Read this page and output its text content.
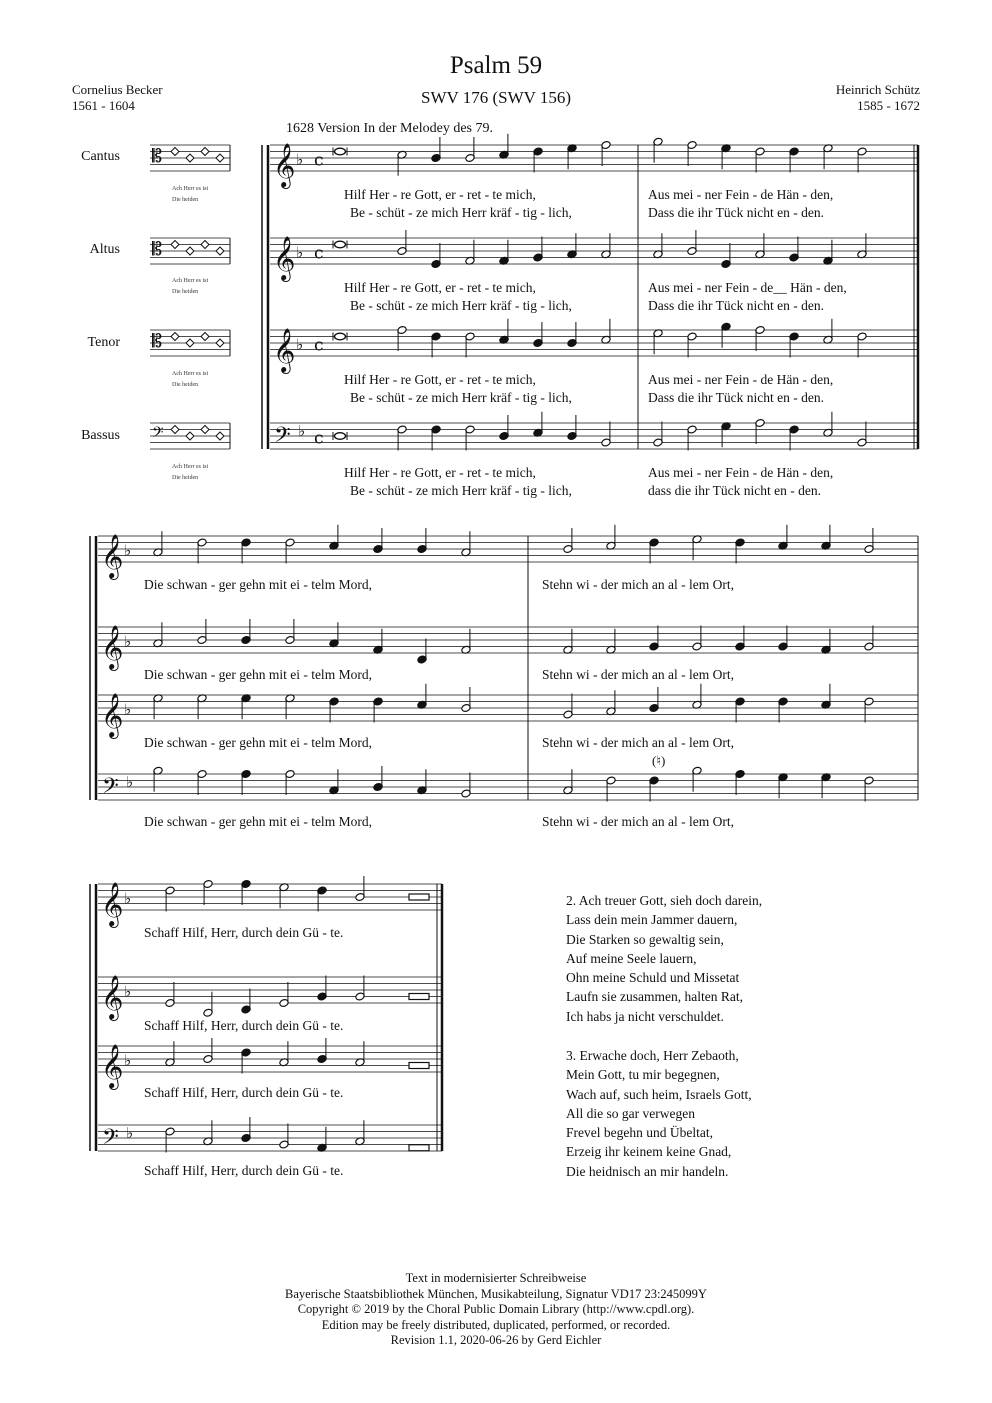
Psalm 59
SWV 176 (SWV 156)
Cornelius Becker
1561 - 1604
Heinrich Schütz
1585 - 1672
1628 Version In der Melodey des 79.
Cantus
Altus
Tenor
Bassus
Ach Herr es ist
Die heiden
Ach Herr es ist
Die heiden
Ach Herr es ist
Die heiden
Ach Herr es ist
Die heiden
𝄞 ♭ c
𝄡
𝄞 ♭ c
𝄡
𝄞 ♭ c
𝄡
𝄢 ♭ c
𝄢
𝄞 ♭
𝄞 ♭
𝄞 ♭
𝄢 ♭
𝄞 ♭
𝄞 ♭
𝄞 ♭
𝄢 ♭
Hilf Her - re Gott, er - ret - te mich,
Be - schüt - ze mich Herr kräf - tig - lich,
Aus mei - ner Fein - de Hän - den,
Dass die ihr Tück nicht en - den.
Hilf Her - re Gott, er - ret - te mich,
Be - schüt - ze mich Herr kräf - tig - lich,
Aus mei - ner Fein - de__ Hän - den,
Dass die ihr Tück nicht en - den.
Hilf Her - re Gott, er - ret - te mich,
Be - schüt - ze mich Herr kräf - tig - lich,
Aus mei - ner Fein - de Hän - den,
Dass die ihr Tück nicht en - den.
Hilf Her - re Gott, er - ret - te mich,
Be - schüt - ze mich Herr kräf - tig - lich,
Aus mei - ner Fein - de Hän - den,
dass die ihr Tück nicht en - den.
Die schwan - ger gehn mit ei - telm Mord,	Stehn wi - der mich an al - lem Ort,
Die schwan - ger gehn mit ei - telm Mord,	Stehn wi - der mich an al - lem Ort,
Die schwan - ger gehn mit ei - telm Mord,	Stehn wi - der mich an al - lem Ort,
Die schwan - ger gehn mit ei - telm Mord,	Stehn wi - der mich an al - lem Ort,
(♮)
Schaff Hilf, Herr, durch dein Gü - te.
Schaff Hilf, Herr, durch dein Gü - te.
Schaff Hilf, Herr, durch dein Gü - te.
Schaff Hilf, Herr, durch dein Gü - te.
2. Ach treuer Gott, sieh doch darein,
Lass dein mein Jammer dauern,
Die Starken so gewaltig sein,
Auf meine Seele lauern,
Ohn meine Schuld und Missetat
Laufn sie zusammen, halten Rat,
Ich habs ja nicht verschuldet.
3. Erwache doch, Herr Zebaoth,
Mein Gott, tu mir begegnen,
Wach auf, such heim, Israels Gott,
All die so gar verwegen
Frevel begehn und Übeltat,
Erzeig ihr keinem keine Gnad,
Die heidnisch an mir handeln.
Text in modernisierter Schreibweise
Bayerische Staatsbibliothek München, Musikabteilung, Signatur VD17 23:245099Y
Copyright © 2019 by the Choral Public Domain Library (http://www.cpdl.org).
Edition may be freely distributed, duplicated, performed, or recorded.
Revision 1.1, 2020-06-26 by Gerd Eichler
